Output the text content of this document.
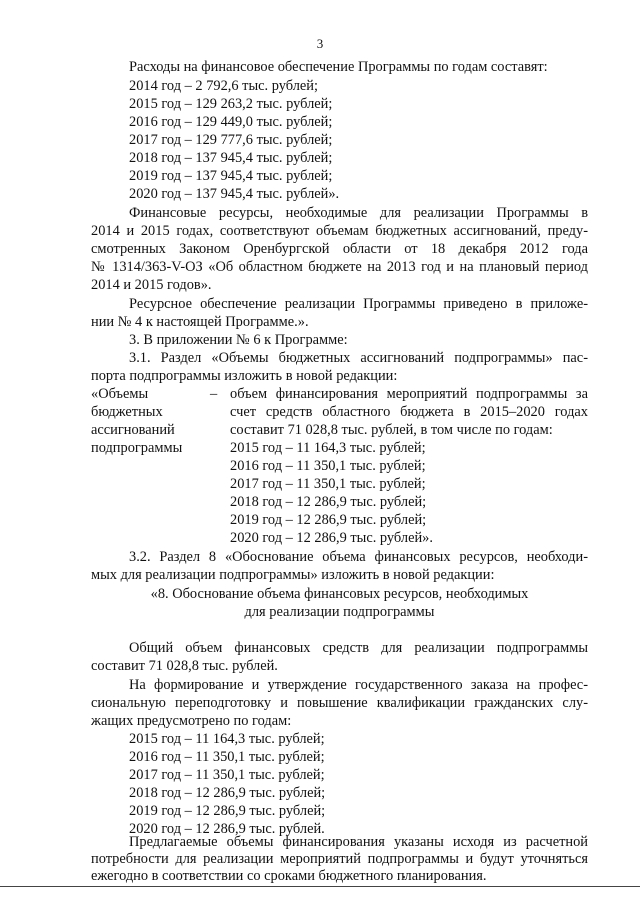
3
Расходы на финансовое обеспечение Программы по годам составят:
2014 год – 2 792,6 тыс. рублей;
2015 год – 129 263,2 тыс. рублей;
2016 год – 129 449,0 тыс. рублей;
2017 год – 129 777,6 тыс. рублей;
2018 год – 137 945,4 тыс. рублей;
2019 год – 137 945,4 тыс. рублей;
2020 год – 137 945,4 тыс. рублей».
Финансовые ресурсы, необходимые для реализации Программы в
2014 и 2015 годах, соответствуют объемам бюджетных ассигнований, преду-
смотренных Законом Оренбургской области от 18 декабря 2012 года
№ 1314/363-V-ОЗ «Об областном бюджете на 2013 год и на плановый период
2014 и 2015 годов».
Ресурсное обеспечение реализации Программы приведено в приложе-
нии № 4 к настоящей Программе.».
3. В приложении № 6 к Программе:
3.1. Раздел «Объемы бюджетных ассигнований подпрограммы» пас-
порта подпрограммы изложить в новой редакции:
«Объемы
бюджетных
ассигнований
подпрограммы
– объем финансирования мероприятий подпрограммы за
счет средств областного бюджета в 2015–2020 годах
составит 71 028,8 тыс. рублей, в том числе по годам:
2015 год – 11 164,3 тыс. рублей;
2016 год – 11 350,1 тыс. рублей;
2017 год – 11 350,1 тыс. рублей;
2018 год – 12 286,9 тыс. рублей;
2019 год – 12 286,9 тыс. рублей;
2020 год – 12 286,9 тыс. рублей».
3.2. Раздел 8 «Обоснование объема финансовых ресурсов, необходи-
мых для реализации подпрограммы» изложить в новой редакции:
«8. Обоснование объема финансовых ресурсов, необходимых
для реализации подпрограммы
Общий объем финансовых средств для реализации подпрограммы
составит 71 028,8 тыс. рублей.
На формирование и утверждение государственного заказа на профес-
сиональную переподготовку и повышение квалификации гражданских слу-
жащих предусмотрено по годам:
2015 год – 11 164,3 тыс. рублей;
2016 год – 11 350,1 тыс. рублей;
2017 год – 11 350,1 тыс. рублей;
2018 год – 12 286,9 тыс. рублей;
2019 год – 12 286,9 тыс. рублей;
2020 год – 12 286,9 тыс. рублей.
Предлагаемые объемы финансирования указаны исходя из расчетной
потребности для реализации мероприятий подпрограммы и будут уточняться
ежегодно в соответствии со сроками бюджетного планирования.
